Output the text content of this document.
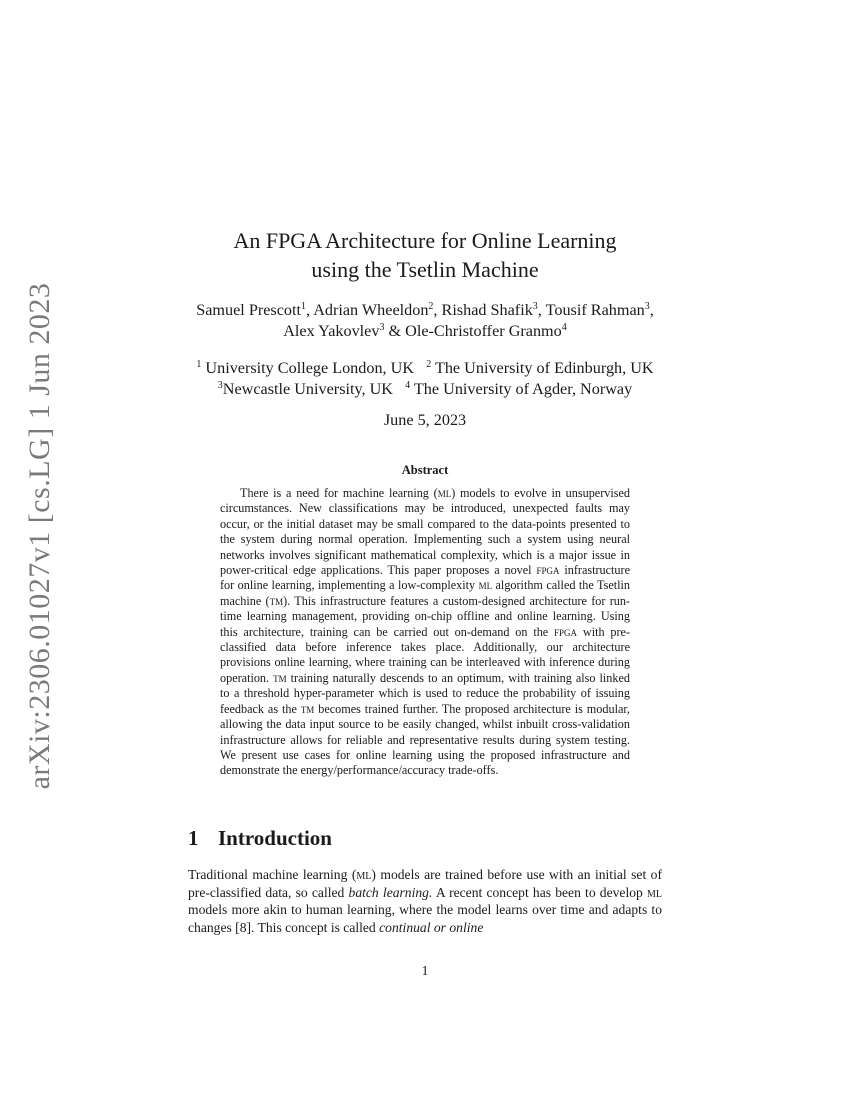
arXiv:2306.01027v1 [cs.LG] 1 Jun 2023
An FPGA Architecture for Online Learning
using the Tsetlin Machine
Samuel Prescott$^1$, Adrian Wheeldon$^2$, Rishad Shafik$^3$, Tousif Rahman$^3$,
Alex Yakovlev$^3$ & Ole-Christoffer Granmo$^4$
$^1$ University College London, UK $^2$ The University of Edinburgh, UK
$^3$Newcastle University, UK $^4$ The University of Agder, Norway
June 5, 2023
Abstract
There is a need for machine learning (ml) models to evolve in unsupervised circumstances. New classifications may be introduced, unexpected faults may occur, or the initial dataset may be small compared to the data-points presented to the system during normal operation. Implementing such a system using neural networks involves significant mathematical complexity, which is a major issue in power-critical edge applications. This paper proposes a novel fpga infrastructure for online learning, implementing a low-complexity ml algorithm called the Tsetlin machine (tm). This infrastructure features a custom-designed architecture for run-time learning management, providing on-chip offline and online learning. Using this architecture, training can be carried out on-demand on the fpga with pre-classified data before inference takes place. Additionally, our architecture provisions online learning, where training can be interleaved with inference during operation. tm training naturally descends to an optimum, with training also linked to a threshold hyper-parameter which is used to reduce the probability of issuing feedback as the tm becomes trained further. The proposed architecture is modular, allowing the data input source to be easily changed, whilst inbuilt cross-validation infrastructure allows for reliable and representative results during system testing. We present use cases for online learning using the proposed infrastructure and demonstrate the energy/performance/accuracy trade-offs.
1 Introduction
Traditional machine learning (ml) models are trained before use with an initial set of pre-classified data, so called batch learning. A recent concept has been to develop ml models more akin to human learning, where the model learns over time and adapts to changes [8]. This concept is called continual or online
1
